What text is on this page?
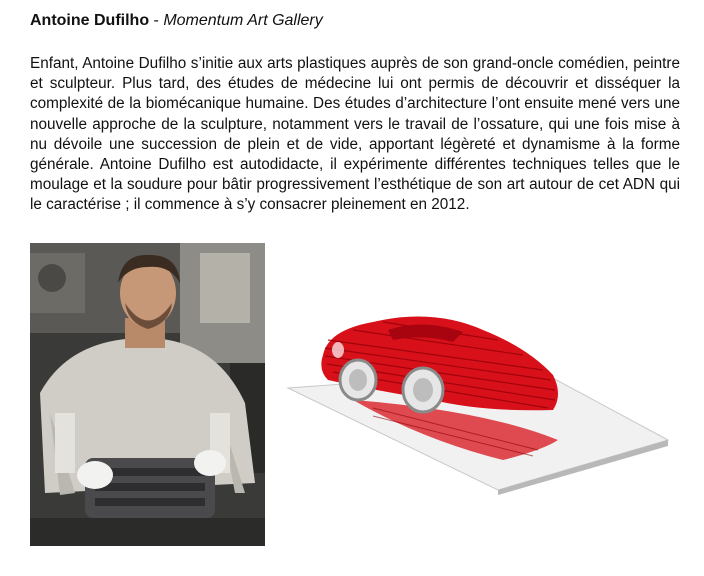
Antoine Dufilho - Momentum Art Gallery

Enfant, Antoine Dufilho s’initie aux arts plastiques auprès de son grand-oncle comédien, peintre et sculpteur. Plus tard, des études de médecine lui ont permis de découvrir et disséquer la complexité de la biomécanique humaine. Des études d’architecture l’ont ensuite mené vers une nouvelle approche de la sculpture, notamment vers le travail de l’ossature, qui une fois mise à nu dévoile une succession de plein et de vide, apportant légèreté et dynamisme à la forme générale. Antoine Dufilho est autodidacte, il expérimente différentes techniques telles que le moulage et la soudure pour bâtir progressivement l’esthétique de son art autour de cet ADN qui le caractérise ; il commence à s’y consacrer pleinement en 2012.
